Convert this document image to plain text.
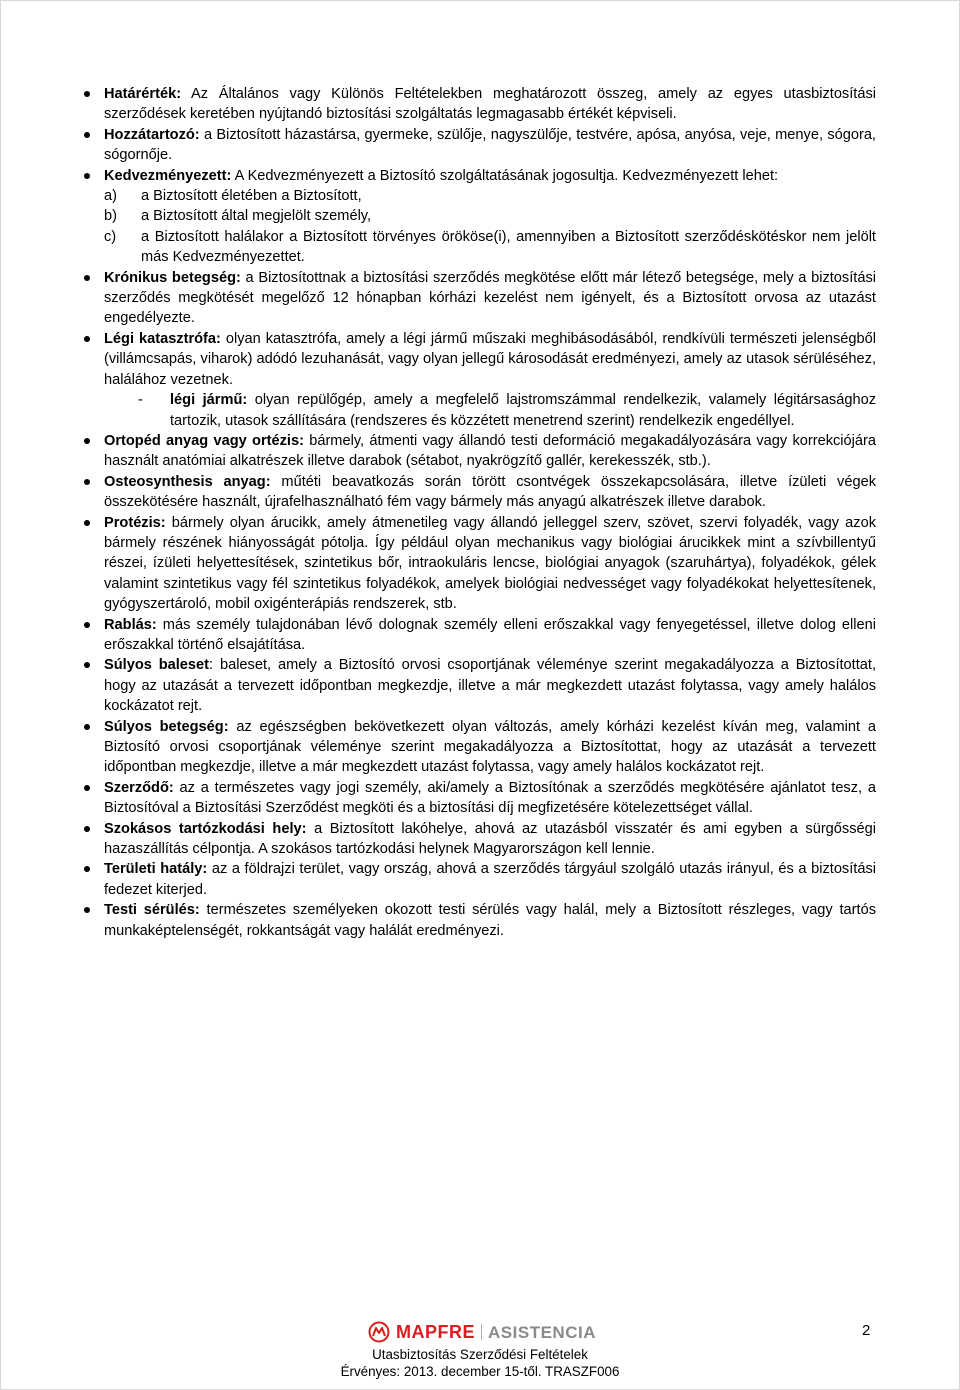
Határérték: Az Általános vagy Különös Feltételekben meghatározott összeg, amely az egyes utasbiztosítási szerződések keretében nyújtandó biztosítási szolgáltatás legmagasabb értékét képviseli.
Hozzátartozó: a Biztosított házastársa, gyermeke, szülője, nagyszülője, testvére, apósa, anyósa, veje, menye, sógora, sógornője.
Kedvezményezett: A Kedvezményezett a Biztosító szolgáltatásának jogosultja. Kedvezményezett lehet:
a) a Biztosított életében a Biztosított,
b) a Biztosított által megjelölt személy,
c) a Biztosított halálakor a Biztosított törvényes örököse(i), amennyiben a Biztosított szerződéskötéskor nem jelölt más Kedvezményezettet.
Krónikus betegség: a Biztosítottnak a biztosítási szerződés megkötése előtt már létező betegsége, mely a biztosítási szerződés megkötését megelőző 12 hónapban kórházi kezelést nem igényelt, és a Biztosított orvosa az utazást engedélyezte.
Légi katasztrófa: olyan katasztrófa, amely a légi jármű műszaki meghibásodásából, rendkívüli természeti jelenségből (villámcsapás, viharok) adódó lezuhanását, vagy olyan jellegű károsodását eredményezi, amely az utasok sérüléséhez, halálához vezetnek.
- légi jármű: olyan repülőgép, amely a megfelelő lajstromszámmal rendelkezik, valamely légitársasághoz tartozik, utasok szállítására (rendszeres és közzétett menetrend szerint) rendelkezik engedéllyel.
Ortopéd anyag vagy ortézis: bármely, átmenti vagy állandó testi deformáció megakadályozására vagy korrekciójára használt anatómiai alkatrészek illetve darabok (sétabot, nyakrögzítő gallér, kerekesszék, stb.).
Osteosynthesis anyag: műtéti beavatkozás során törött csontvégek összekapcsolására, illetve ízületi végek összekötésére használt, újrafelhasználható fém vagy bármely más anyagú alkatrészek illetve darabok.
Protézis: bármely olyan árucikk, amely átmenetileg vagy állandó jelleggel szerv, szövet, szervi folyadék, vagy azok bármely részének hiányosságát pótolja. Így például olyan mechanikus vagy biológiai árucikkek mint a szívbillentyű részei, ízületi helyettesítések, szintetikus bőr, intraokuláris lencse, biológiai anyagok (szaruhártya), folyadékok, gélek valamint szintetikus vagy fél szintetikus folyadékok, amelyek biológiai nedvességet vagy folyadékokat helyettesítenek, gyógyszertároló, mobil oxigénterápiás rendszerek, stb.
Rablás: más személy tulajdonában lévő dolognak személy elleni erőszakkal vagy fenyegetéssel, illetve dolog elleni erőszakkal történő elsajátítása.
Súlyos baleset: baleset, amely a Biztosító orvosi csoportjának véleménye szerint megakadályozza a Biztosítottat, hogy az utazását a tervezett időpontban megkezdje, illetve a már megkezdett utazást folytassa, vagy amely halálos kockázatot rejt.
Súlyos betegség: az egészségben bekövetkezett olyan változás, amely kórházi kezelést kíván meg, valamint a Biztosító orvosi csoportjának véleménye szerint megakadályozza a Biztosítottat, hogy az utazását a tervezett időpontban megkezdje, illetve a már megkezdett utazást folytassa, vagy amely halálos kockázatot rejt.
Szerződő: az a természetes vagy jogi személy, aki/amely a Biztosítónak a szerződés megkötésére ajánlatot tesz, a Biztosítóval a Biztosítási Szerződést megköti és a biztosítási díj megfizetésére kötelezettséget vállal.
Szokásos tartózkodási hely: a Biztosított lakóhelye, ahová az utazásból visszatér és ami egyben a sürgősségi hazaszállítás célpontja. A szokásos tartózkodási helynek Magyarországon kell lennie.
Területi hatály: az a földrajzi terület, vagy ország, ahová a szerződés tárgyául szolgáló utazás irányul, és a biztosítási fedezet kiterjed.
Testi sérülés: természetes személyeken okozott testi sérülés vagy halál, mely a Biztosított részleges, vagy tartós munkaképtelenségét, rokkantságát vagy halálát eredményezi.
MAPFRE ASISTENCIA
Utasbiztosítás Szerződési Feltételek
Érvényes: 2013. december 15-től. TRASZF006
2
